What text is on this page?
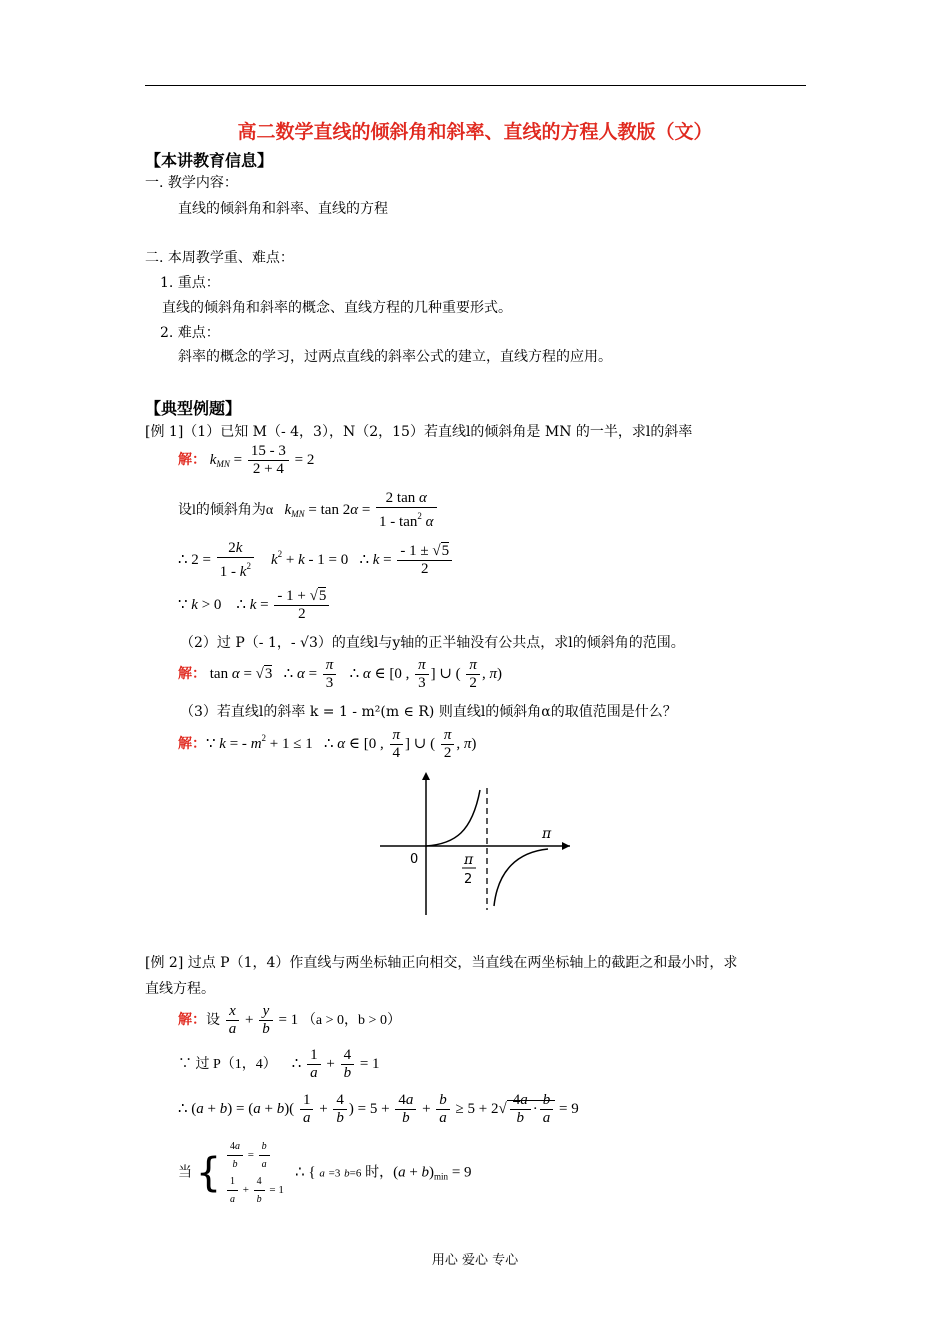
高二数学直线的倾斜角和斜率、直线的方程人教版（文）
【本讲教育信息】
一. 教学内容：
直线的倾斜角和斜率、直线的方程
二. 本周教学重、难点：
1. 重点：
直线的倾斜角和斜率的概念、直线方程的几种重要形式。
2. 难点：
斜率的概念的学习，过两点直线的斜率公式的建立，直线方程的应用。
【典型例题】
[例 1]（1）已知 M（- 4，3），N（2，15）若直线l的倾斜角是 MN 的一半，求l的斜率
解： $k_{MN} = \frac{15 - 3}{2 + 4} = 2$
设l的倾斜角为α $k_{MN} = \tan 2\alpha = \frac{\text{2 tan α}}{1 - \tan^2 \alpha}$
∴ $2 = \frac{2k}{1 - k^2} k^2 + k - 1 = 0$   ∴ $k = \frac{- 1 \pm √5}{2}$
∵ k > 0    ∴ $k = \frac{- 1 + √5}{2}$
（2）过 P（- 1，- √3）的直线l与y轴的正半轴没有公共点，求l的倾斜角的范围。
解： tan α = √3   ∴ $\alpha = \frac{\pi}{3}$ ∴ α ∈ [0 , $\frac{\pi}{3}$ ] ∪ ( $\frac{\pi}{2}$ , π)
（3）若直线l的斜率 k = 1 - m²(m ∈ R) 则直线l的倾斜角α的取值范围是什么？
解：∵ k = - $m^2 + 1 \le 1$   ∴ α ∈ [0 , $\frac{\pi}{4}$ ] ∪ ( $\frac{\pi}{2}$ , π)
0
π
π
2
[例 2] 过点 P（1，4）作直线与两坐标轴正向相交，当直线在两坐标轴上的截距之和最小时，求
直线方程。
解：设 $\frac{x}{a} + \frac{y}{b} = 1$ （a > 0，b > 0）
∵ 过 P（1，4）    ∴ $\frac{1}{a} + \frac{4}{b} = 1$
∴ $(a + b) = (a + b)( \frac{1}{a} + \frac{4}{b}$ ) = $5 + \frac{4a}{b} + \frac{b}{a} \ge 5 + 2√ \frac{4a}{b} \cdot \frac{b}{a} = 9$
当 { $\frac{4a}{b} = \frac{b}{a}$

$\frac{1}{a} + \frac{4}{b} = 1$   ∴ { a =3 b=6 时，$(a + b)_{min} = 9$
用心 爱心 专心
